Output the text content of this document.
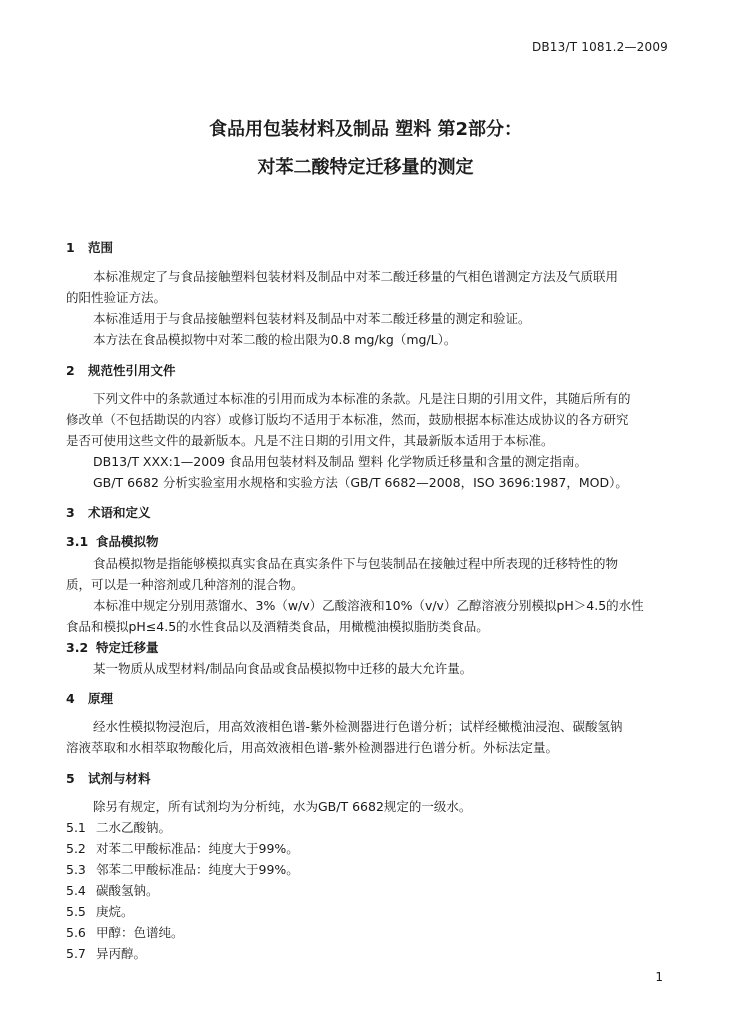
DB13/T 1081.2—2009
食品用包装材料及制品 塑料 第2部分：
对苯二酸特定迁移量的测定
1 范围
本标准规定了与食品接触塑料包装材料及制品中对苯二酸迁移量的气相色谱测定方法及气质联用
的阳性验证方法。
本标准适用于与食品接触塑料包装材料及制品中对苯二酸迁移量的测定和验证。
本方法在食品模拟物中对苯二酸的检出限为0.8 mg/kg（mg/L）。
2 规范性引用文件
下列文件中的条款通过本标准的引用而成为本标准的条款。凡是注日期的引用文件，其随后所有的
修改单（不包括勘误的内容）或修订版均不适用于本标准，然而，鼓励根据本标准达成协议的各方研究
是否可使用这些文件的最新版本。凡是不注日期的引用文件，其最新版本适用于本标准。
DB13/T XXX:1—2009 食品用包装材料及制品 塑料 化学物质迁移量和含量的测定指南。
GB/T 6682 分析实验室用水规格和实验方法（GB/T 6682—2008，ISO 3696:1987，MOD）。
3 术语和定义
3.1 食品模拟物
食品模拟物是指能够模拟真实食品在真实条件下与包装制品在接触过程中所表现的迁移特性的物
质，可以是一种溶剂或几种溶剂的混合物。
本标准中规定分别用蒸馏水、3%（w/v）乙酸溶液和10%（v/v）乙醇溶液分别模拟pH＞4.5的水性
食品和模拟pH≤4.5的水性食品以及酒精类食品，用橄榄油模拟脂肪类食品。
3.2 特定迁移量
某一物质从成型材料/制品向食品或食品模拟物中迁移的最大允许量。
4 原理
经水性模拟物浸泡后，用高效液相色谱-紫外检测器进行色谱分析；试样经橄榄油浸泡、碳酸氢钠
溶液萃取和水相萃取物酸化后，用高效液相色谱-紫外检测器进行色谱分析。外标法定量。
5 试剂与材料
除另有规定，所有试剂均为分析纯，水为GB/T 6682规定的一级水。
5.1 二水乙酸钠。
5.2 对苯二甲酸标准品：纯度大于99%。
5.3 邻苯二甲酸标准品：纯度大于99%。
5.4 碳酸氢钠。
5.5 庚烷。
5.6 甲醇：色谱纯。
5.7 异丙醇。
1
